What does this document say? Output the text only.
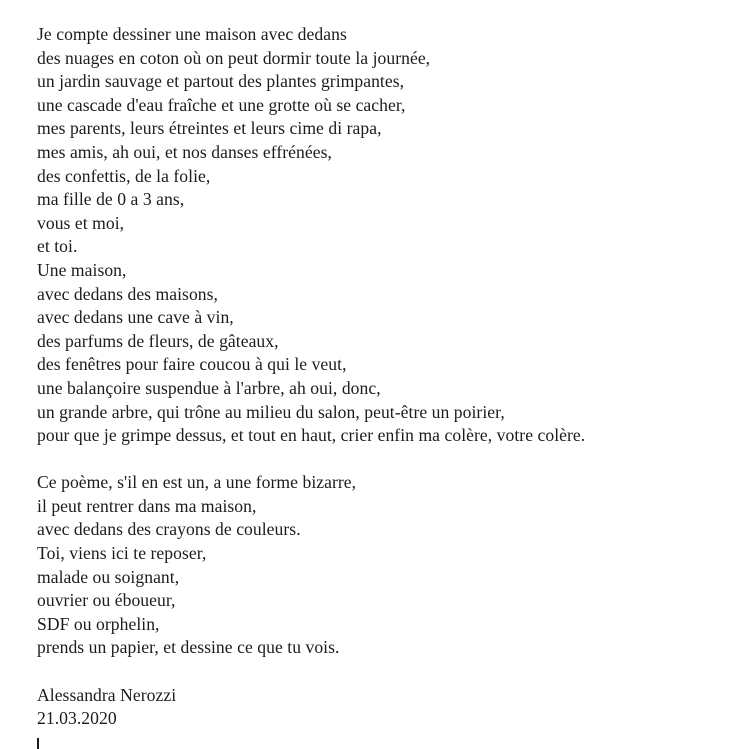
Je compte dessiner une maison avec dedans
des nuages en coton où on peut dormir toute la journée,
un jardin sauvage et partout des plantes grimpantes,
une cascade d'eau fraîche et une grotte où se cacher,
mes parents, leurs étreintes et leurs cime di rapa,
mes amis, ah oui, et nos danses effrénées,
des confettis, de la folie,
ma fille de 0 a 3 ans,
vous et moi,
et toi.
Une maison,
avec dedans des maisons,
avec dedans une cave à vin,
des parfums de fleurs, de gâteaux,
des fenêtres pour faire coucou à qui le veut,
une balançoire suspendue à l'arbre, ah oui, donc,
un grande arbre, qui trône au milieu du salon, peut-être un poirier,
pour que je grimpe dessus, et tout en haut, crier enfin ma colère, votre colère.
Ce poème, s'il en est un, a une forme bizarre,
il peut rentrer dans ma maison,
avec dedans des crayons de couleurs.
Toi, viens ici te reposer,
malade ou soignant,
ouvrier ou éboueur,
SDF ou orphelin,
prends un papier, et dessine ce que tu vois.
Alessandra Nerozzi
21.03.2020
